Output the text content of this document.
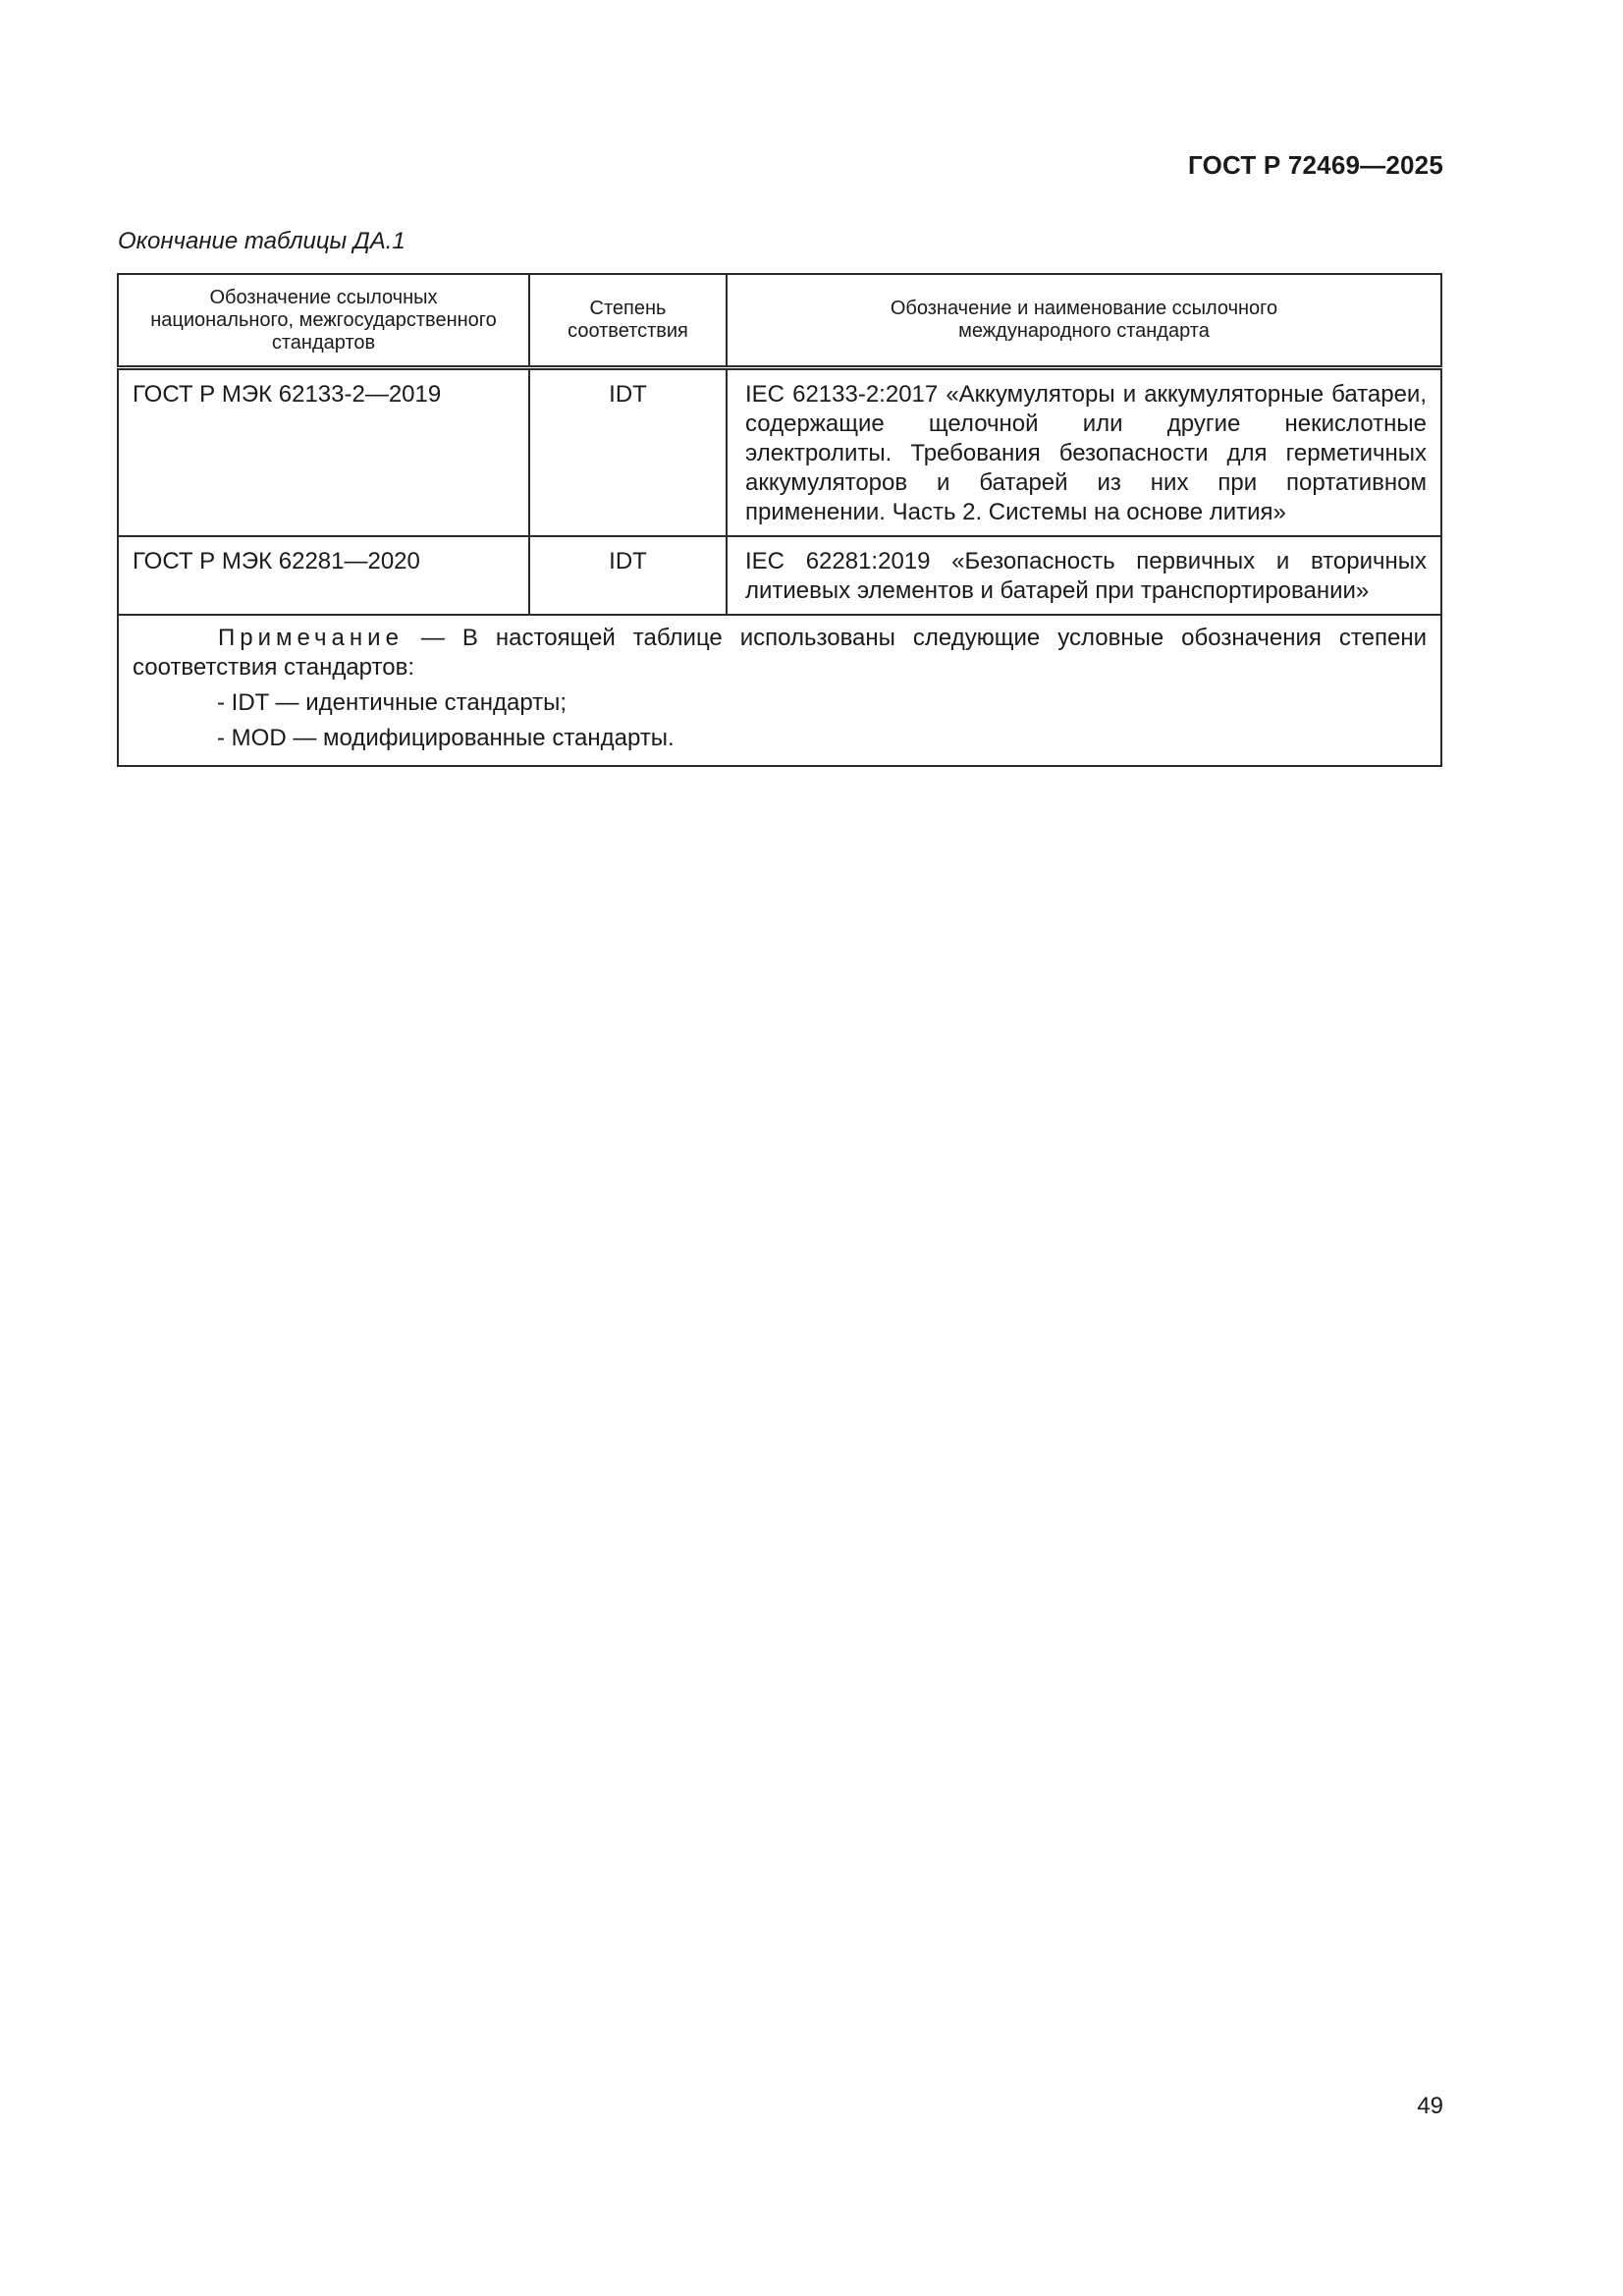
ГОСТ Р 72469—2025

Окончание таблицы ДА.1

Обозначение ссылочных национального, межгосударственного стандартов	Степень соответствия	Обозначение и наименование ссылочного международного стандарта
ГОСТ Р МЭК 62133-2—2019	IDT	IEC 62133-2:2017 «Аккумуляторы и аккумуляторные батареи, содержащие щелочной или другие некислотные электролиты. Требования безопасности для герметичных аккумуляторов и батарей из них при портативном применении. Часть 2. Системы на основе лития»
ГОСТ Р МЭК 62281—2020	IDT	IEC 62281:2019 «Безопасность первичных и вторичных литиевых элементов и батарей при транспортировании»

Примечание — В настоящей таблице использованы следующие условные обозначения степени соответствия стандартов:

- IDT — идентичные стандарты;

- MOD — модифицированные стандарты.		

49
